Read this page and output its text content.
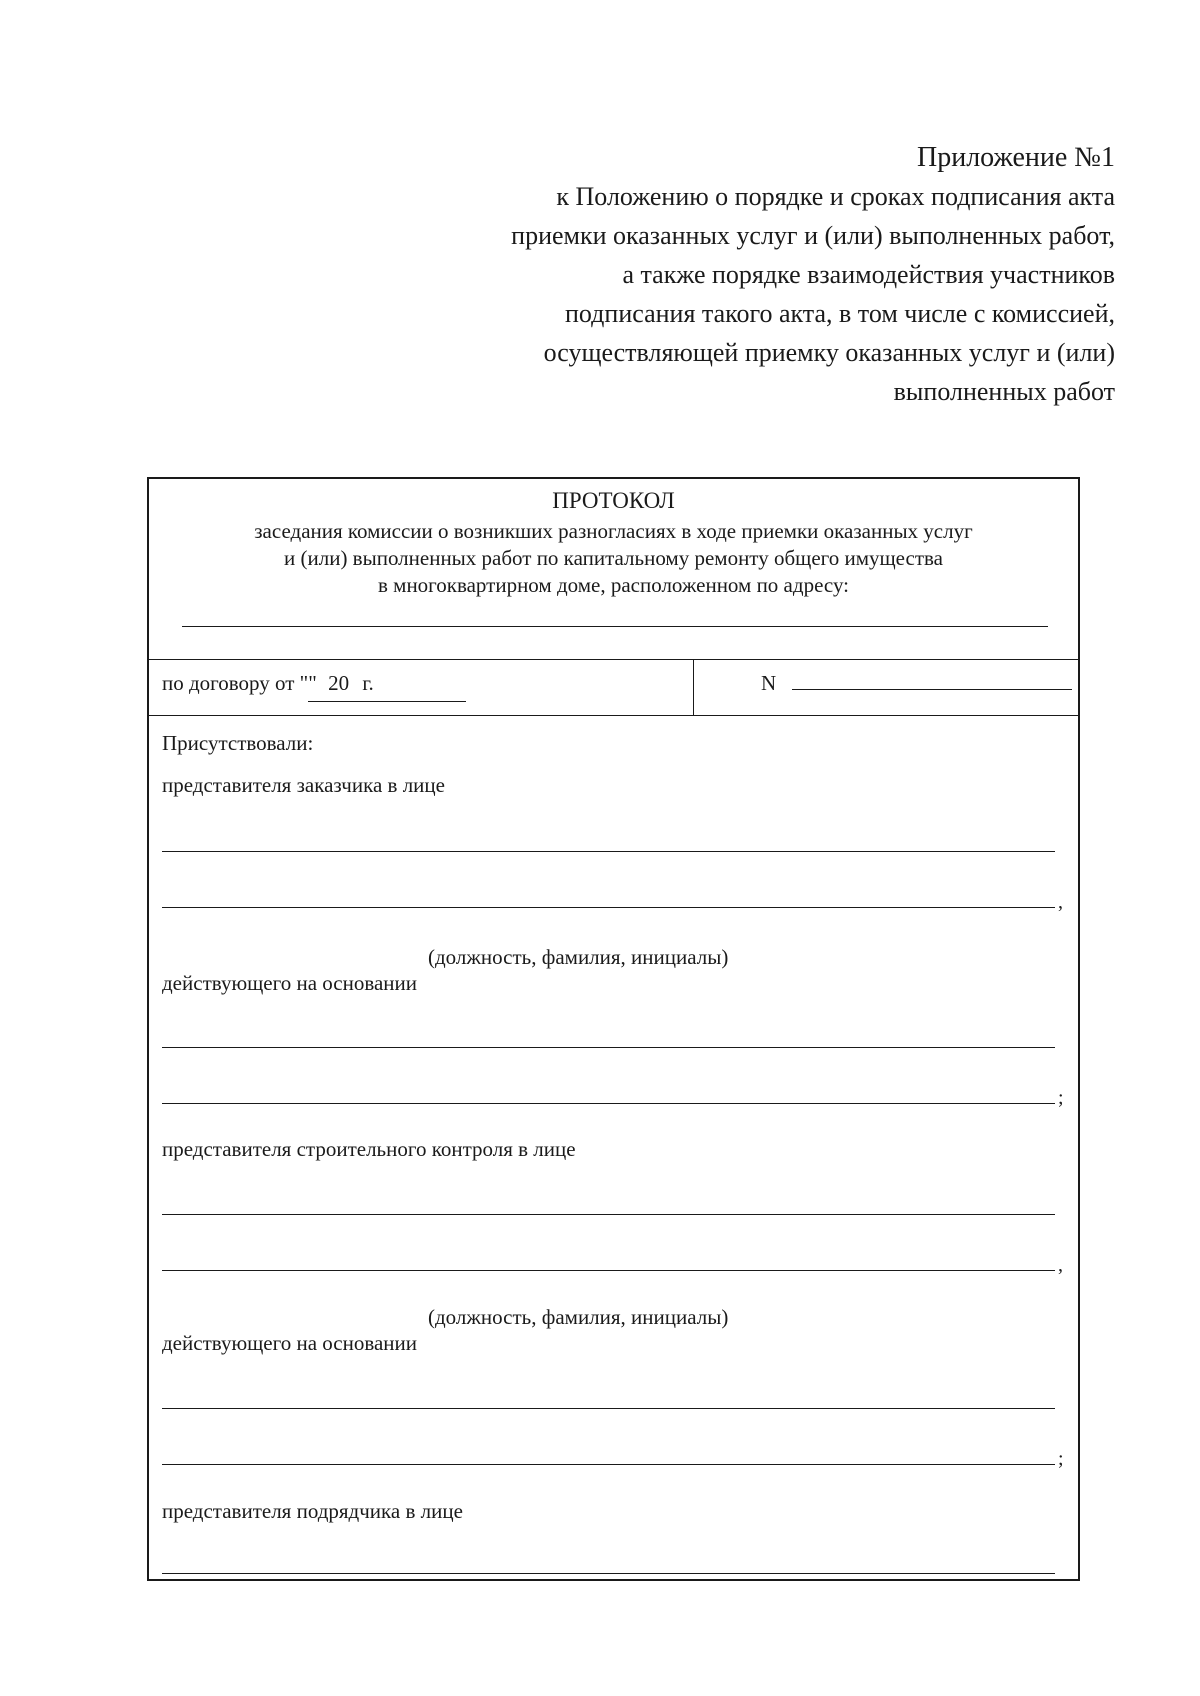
Приложение №1
к Положению о порядке и сроках подписания акта
приемки оказанных услуг и (или) выполненных работ,
а также порядке взаимодействия участников
подписания такого акта, в том числе с комиссией,
осуществляющей приемку оказанных услуг и (или)
выполненных работ
ПРОТОКОЛ
заседания комиссии о возникших разногласиях в ходе приемки оказанных услуг
и (или) выполненных работ по капитальному ремонту общего имущества
в многоквартирном доме, расположенном по адресу:
по договору от "
" 20 г.	N
Присутствовали:
представителя заказчика в лице
,
(должность, фамилия, инициалы)
действующего на основании
;
представителя строительного контроля в лице
,
(должность, фамилия, инициалы)
действующего на основании
;
представителя подрядчика в лице
